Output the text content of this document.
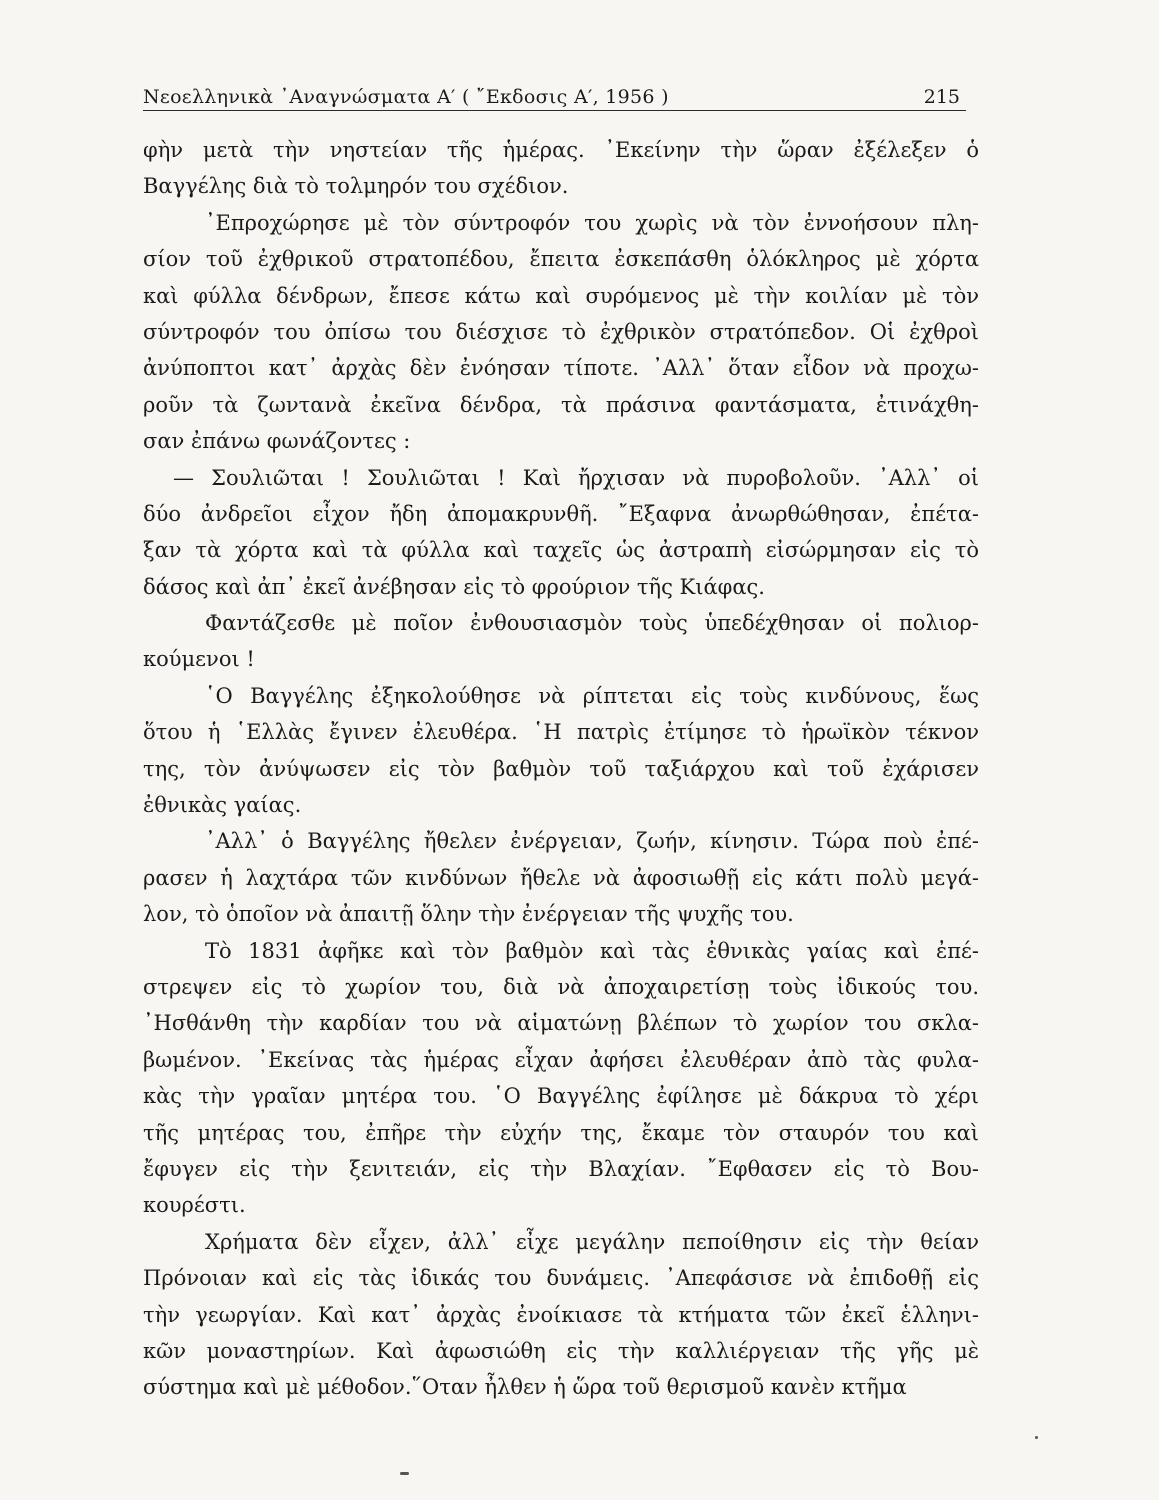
Νεοελληνικὰ ᾿Αναγνώσματα Α′ ( ῎Εκδοσις Α′, 1956 )	215
φὴν μετὰ τὴν νηστείαν τῆς ἡμέρας. ᾿Εκείνην τὴν ὥραν ἐξέλεξεν ὁ
Βαγγέλης διὰ τὸ τολμηρόν του σχέδιον.
᾿Επροχώρησε μὲ τὸν σύντροφόν του χωρὶς νὰ τὸν ἐννοήσουν πλη-
σίον τοῦ ἐχθρικοῦ στρατοπέδου, ἔπειτα ἐσκεπάσθη ὁλόκληρος μὲ χόρτα
καὶ φύλλα δένδρων, ἔπεσε κάτω καὶ συρόμενος μὲ τὴν κοιλίαν μὲ τὸν
σύντροφόν του ὀπίσω του διέσχισε τὸ ἐχθρικὸν στρατόπεδον. Οἱ ἐχθροὶ
ἀνύποπτοι κατ᾿ ἀρχὰς δὲν ἐνόησαν τίποτε. ᾿Αλλ᾿ ὅταν εἶδον νὰ προχω-
ροῦν τὰ ζωντανὰ ἐκεῖνα δένδρα, τὰ πράσινα φαντάσματα, ἐτινάχθη-
σαν ἐπάνω φωνάζοντες :
— Σουλιῶται ! Σουλιῶται ! Καὶ ἤρχισαν νὰ πυροβολοῦν. ᾿Αλλ᾿ οἱ
δύο ἀνδρεῖοι εἶχον ἤδη ἀπομακρυνθῆ. ῎Εξαφνα ἀνωρθώθησαν, ἐπέτα-
ξαν τὰ χόρτα καὶ τὰ φύλλα καὶ ταχεῖς ὡς ἀστραπὴ εἰσώρμησαν εἰς τὸ
δάσος καὶ ἀπ᾿ ἐκεῖ ἀνέβησαν εἰς τὸ φρούριον τῆς Κιάφας.
Φαντάζεσθε μὲ ποῖον ἐνθουσιασμὸν τοὺς ὑπεδέχθησαν οἱ πολιορ-
κούμενοι !
῾Ο Βαγγέλης ἐξηκολούθησε νὰ ρίπτεται εἰς τοὺς κινδύνους, ἕως
ὅτου ἡ ῾Ελλὰς ἔγινεν ἐλευθέρα. ῾Η πατρὶς ἐτίμησε τὸ ἡρωϊκὸν τέκνον
της, τὸν ἀνύψωσεν εἰς τὸν βαθμὸν τοῦ ταξιάρχου καὶ τοῦ ἐχάρισεν
ἐθνικὰς γαίας.
᾿Αλλ᾿ ὁ Βαγγέλης ἤθελεν ἐνέργειαν, ζωήν, κίνησιν. Τώρα ποὺ ἐπέ-
ρασεν ἡ λαχτάρα τῶν κινδύνων ἤθελε νὰ ἀφοσιωθῇ εἰς κάτι πολὺ μεγά-
λον, τὸ ὁποῖον νὰ ἀπαιτῇ ὅλην τὴν ἐνέργειαν τῆς ψυχῆς του.
Τὸ 1831 ἀφῆκε καὶ τὸν βαθμὸν καὶ τὰς ἐθνικὰς γαίας καὶ ἐπέ-
στρεψεν εἰς τὸ χωρίον του, διὰ νὰ ἀποχαιρετίσῃ τοὺς ἰδικούς του.
᾿Ησθάνθη τὴν καρδίαν του νὰ αἱματώνῃ βλέπων τὸ χωρίον του σκλα-
βωμένον. ᾿Εκείνας τὰς ἡμέρας εἶχαν ἀφήσει ἐλευθέραν ἀπὸ τὰς φυλα-
κὰς τὴν γραῖαν μητέρα του. ῾Ο Βαγγέλης ἐφίλησε μὲ δάκρυα τὸ χέρι
τῆς μητέρας του, ἐπῆρε τὴν εὐχήν της, ἔκαμε τὸν σταυρόν του καὶ
ἔφυγεν εἰς τὴν ξενιτειάν, εἰς τὴν Βλαχίαν. ῎Εφθασεν εἰς τὸ Βου-
κουρέστι.
Χρήματα δὲν εἶχεν, ἀλλ᾿ εἶχε μεγάλην πεποίθησιν εἰς τὴν θείαν
Πρόνοιαν καὶ εἰς τὰς ἰδικάς του δυνάμεις. ᾿Απεφάσισε νὰ ἐπιδοθῇ εἰς
τὴν γεωργίαν. Καὶ κατ᾿ ἀρχὰς ἐνοίκιασε τὰ κτήματα τῶν ἐκεῖ ἑλληνι-
κῶν μοναστηρίων. Καὶ ἀφωσιώθη εἰς τὴν καλλιέργειαν τῆς γῆς μὲ
σύστημα καὶ μὲ μέθοδον.῞Οταν ἦλθεν ἡ ὥρα τοῦ θερισμοῦ κανὲν κτῆμα
